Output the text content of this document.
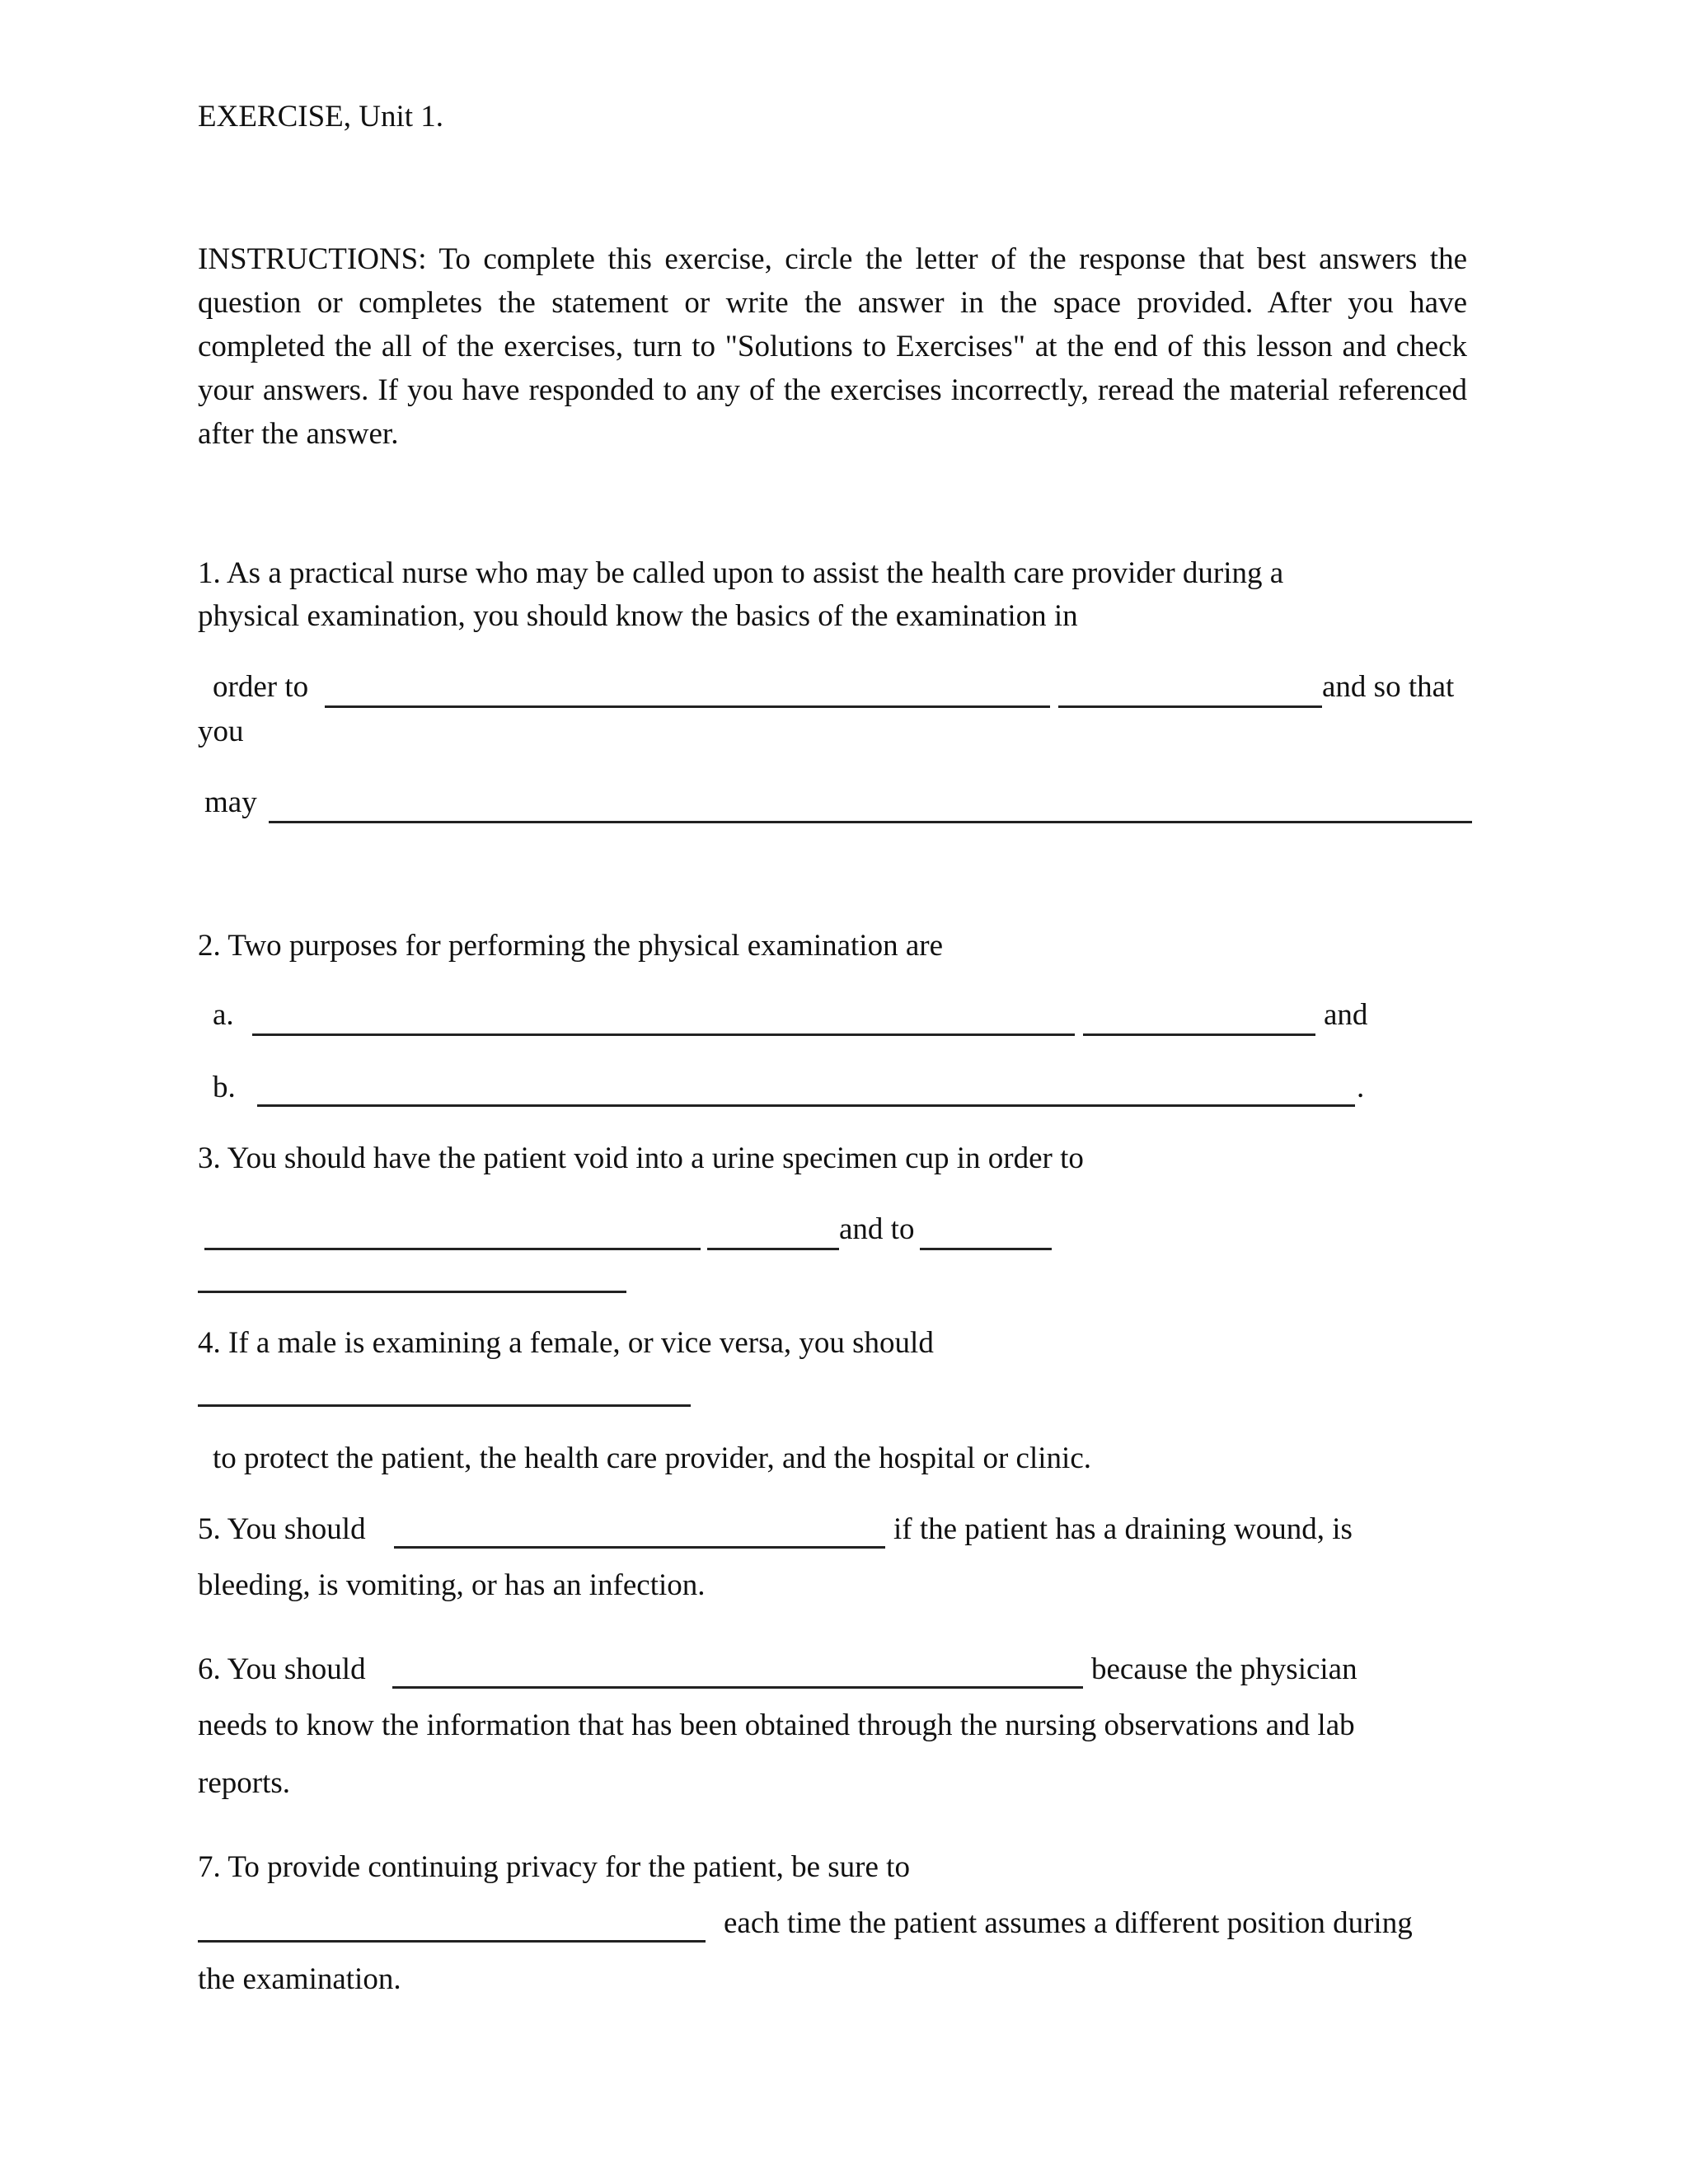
EXERCISE, Unit 1.

INSTRUCTIONS: To complete this exercise, circle the letter of the response that best answers the question or completes the statement or write the answer in the space provided. After you have completed the all of the exercises, turn to "Solutions to Exercises" at the end of this lesson and check your answers. If you have responded to any of the exercises incorrectly, reread the material referenced after the answer.

1. As a practical nurse who may be called upon to assist the health care provider during a

physical examination, you should know the basics of the examination in

order to	and so that

you

may

2. Two purposes for performing the physical examination are

a.	and

b.	.

3. You should have the patient void into a urine specimen cup in order to

and to

4. If a male is examining a female, or vice versa, you should

to protect the patient, the health care provider, and the hospital or clinic.

5. You should	if the patient has a draining wound, is

bleeding, is vomiting, or has an infection.

6. You should	because the physician

needs to know the information that has been obtained through the nursing observations and lab

reports.

7. To provide continuing privacy for the patient, be sure to

each time the patient assumes a different position during

the examination.
